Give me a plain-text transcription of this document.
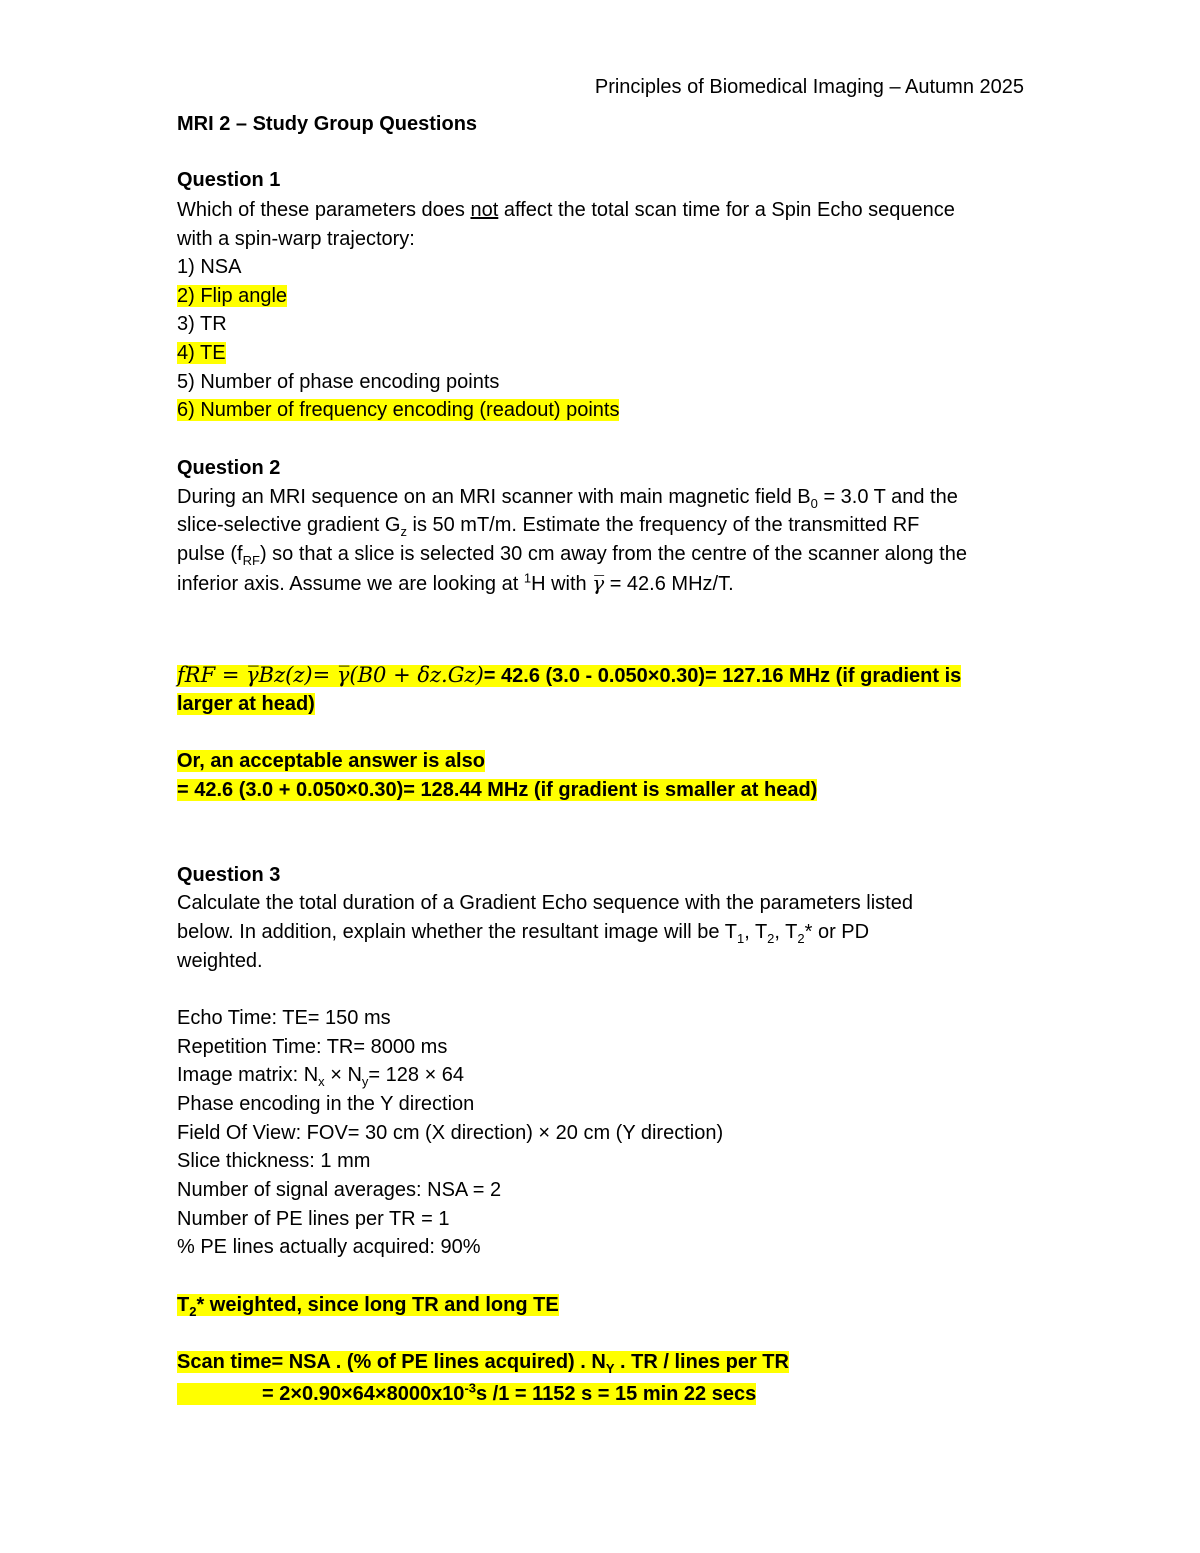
Principles of Biomedical Imaging – Autumn 2025
MRI 2 – Study Group Questions
Question 1
Which of these parameters does not affect the total scan time for a Spin Echo sequence
with a spin-warp trajectory:
1) NSA
2) Flip angle
3) TR
4) TE
5) Number of phase encoding points
6) Number of frequency encoding (readout) points
Question 2
During an MRI sequence on an MRI scanner with main magnetic field $B_0 = 3.0$ T and the
slice-selective gradient $G_z$ is 50 mT/m. Estimate the frequency of the transmitted RF
pulse $(f_{RF})$ so that a slice is selected 30 cm away from the centre of the scanner along the
inferior axis. Assume we are looking at $^1$H with γ̅ = 42.6 MHz/T.
fRF = γ̅Bz(z)= γ̅(B0 + δz.Gz)= 42.6 (3.0 - 0.050×0.30)= 127.16 MHz (if gradient is
larger at head)
Or, an acceptable answer is also
= 42.6 (3.0 + 0.050×0.30)= 128.44 MHz (if gradient is smaller at head)
Question 3
Calculate the total duration of a Gradient Echo sequence with the parameters listed
below. In addition, explain whether the resultant image will be $T_1$, $T_2$, $T_2*$ or PD
weighted.
Echo Time: TE= 150 ms
Repetition Time: TR= 8000 ms
Image matrix: $N_x \times N_y= 128 \times 64$
Phase encoding in the Y direction
Field Of View: FOV= 30 cm (X direction) × 20 cm (Y direction)
Slice thickness: 1 mm
Number of signal averages: NSA = 2
Number of PE lines per TR = 1
% PE lines actually acquired: 90%
$T_2*$ weighted, since long TR and long TE
Scan time= NSA . (% of PE lines acquired) . $N_Y$ . TR / lines per TR
= $2\times 0.90\times 64\times 8000x10^{-3}s$ /1 = 1152 s = 15 min 22 secs
